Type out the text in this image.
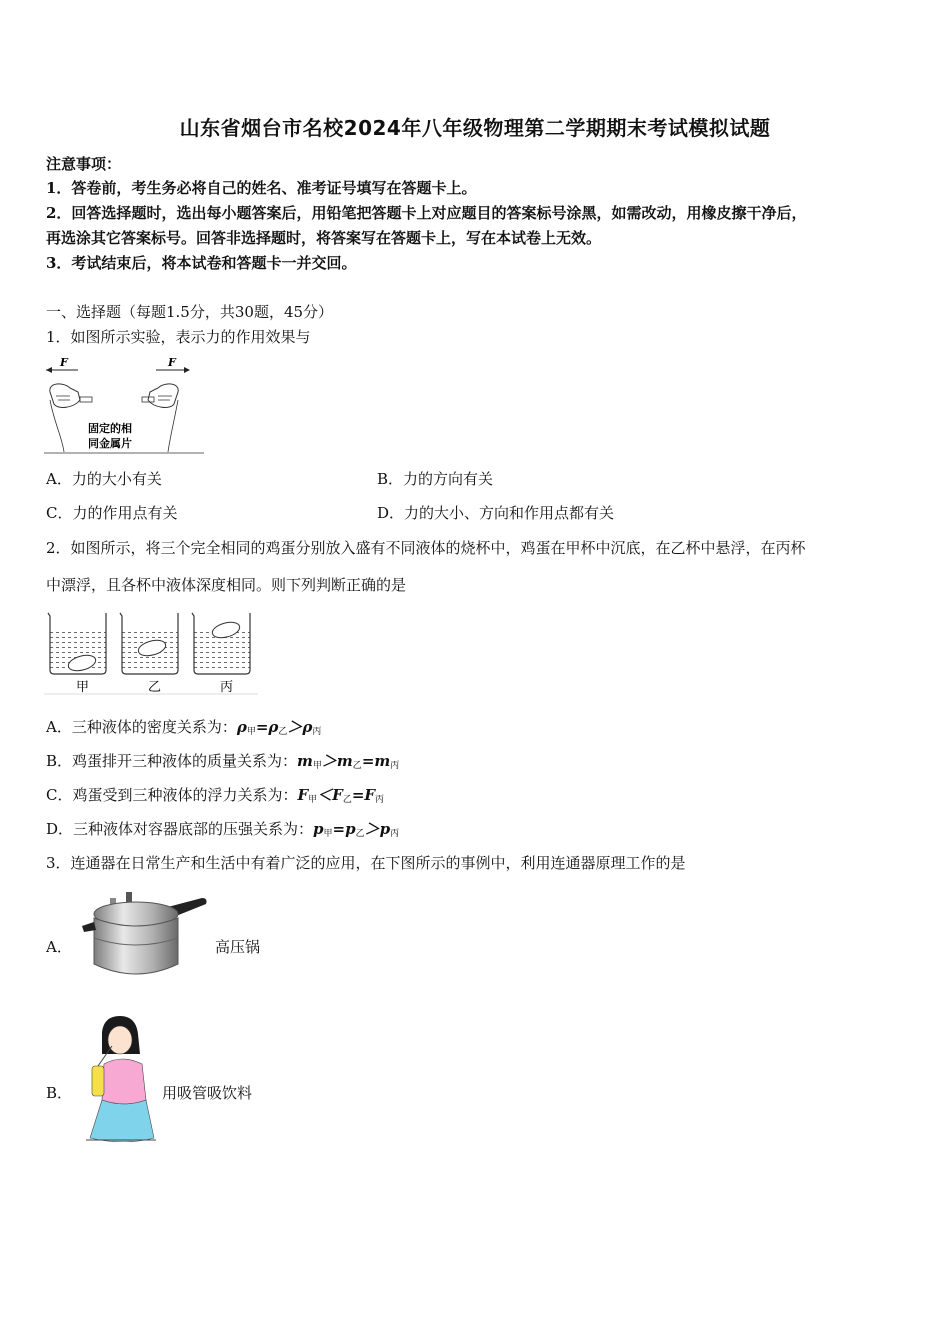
山东省烟台市名校2024年八年级物理第二学期期末考试模拟试题
注意事项：
1．答卷前，考生务必将自己的姓名、准考证号填写在答题卡上。
2．回答选择题时，选出每小题答案后，用铅笔把答题卡上对应题目的答案标号涂黑，如需改动，用橡皮擦干净后，
再选涂其它答案标号。回答非选择题时，将答案写在答题卡上，写在本试卷上无效。
3．考试结束后，将本试卷和答题卡一并交回。
一、选择题（每题1.5分，共30题，45分）
1．如图所示实验，表示力的作用效果与
F	F
固定的相
同金属片
A．力的大小有关	B．力的方向有关
C．力的作用点有关	D．力的大小、方向和作用点都有关
2．如图所示，将三个完全相同的鸡蛋分别放入盛有不同液体的烧杯中，鸡蛋在甲杯中沉底，在乙杯中悬浮，在丙杯
中漂浮，且各杯中液体深度相同。则下列判断正确的是
甲	乙	丙
A．三种液体的密度关系为：$\rho_甲=\rho_乙>\rho_丙$
B．鸡蛋排开三种液体的质量关系为：$m_甲>m_乙=m_丙$
C．鸡蛋受到三种液体的浮力关系为：$F_甲<F_乙=F_丙$
D．三种液体对容器底部的压强关系为：$p_甲=p_乙>p_丙$
3．连通器在日常生产和生活中有着广泛的应用，在下图所示的事例中，利用连通器原理工作的是
A．	高压锅
B．	用吸管吸饮料
